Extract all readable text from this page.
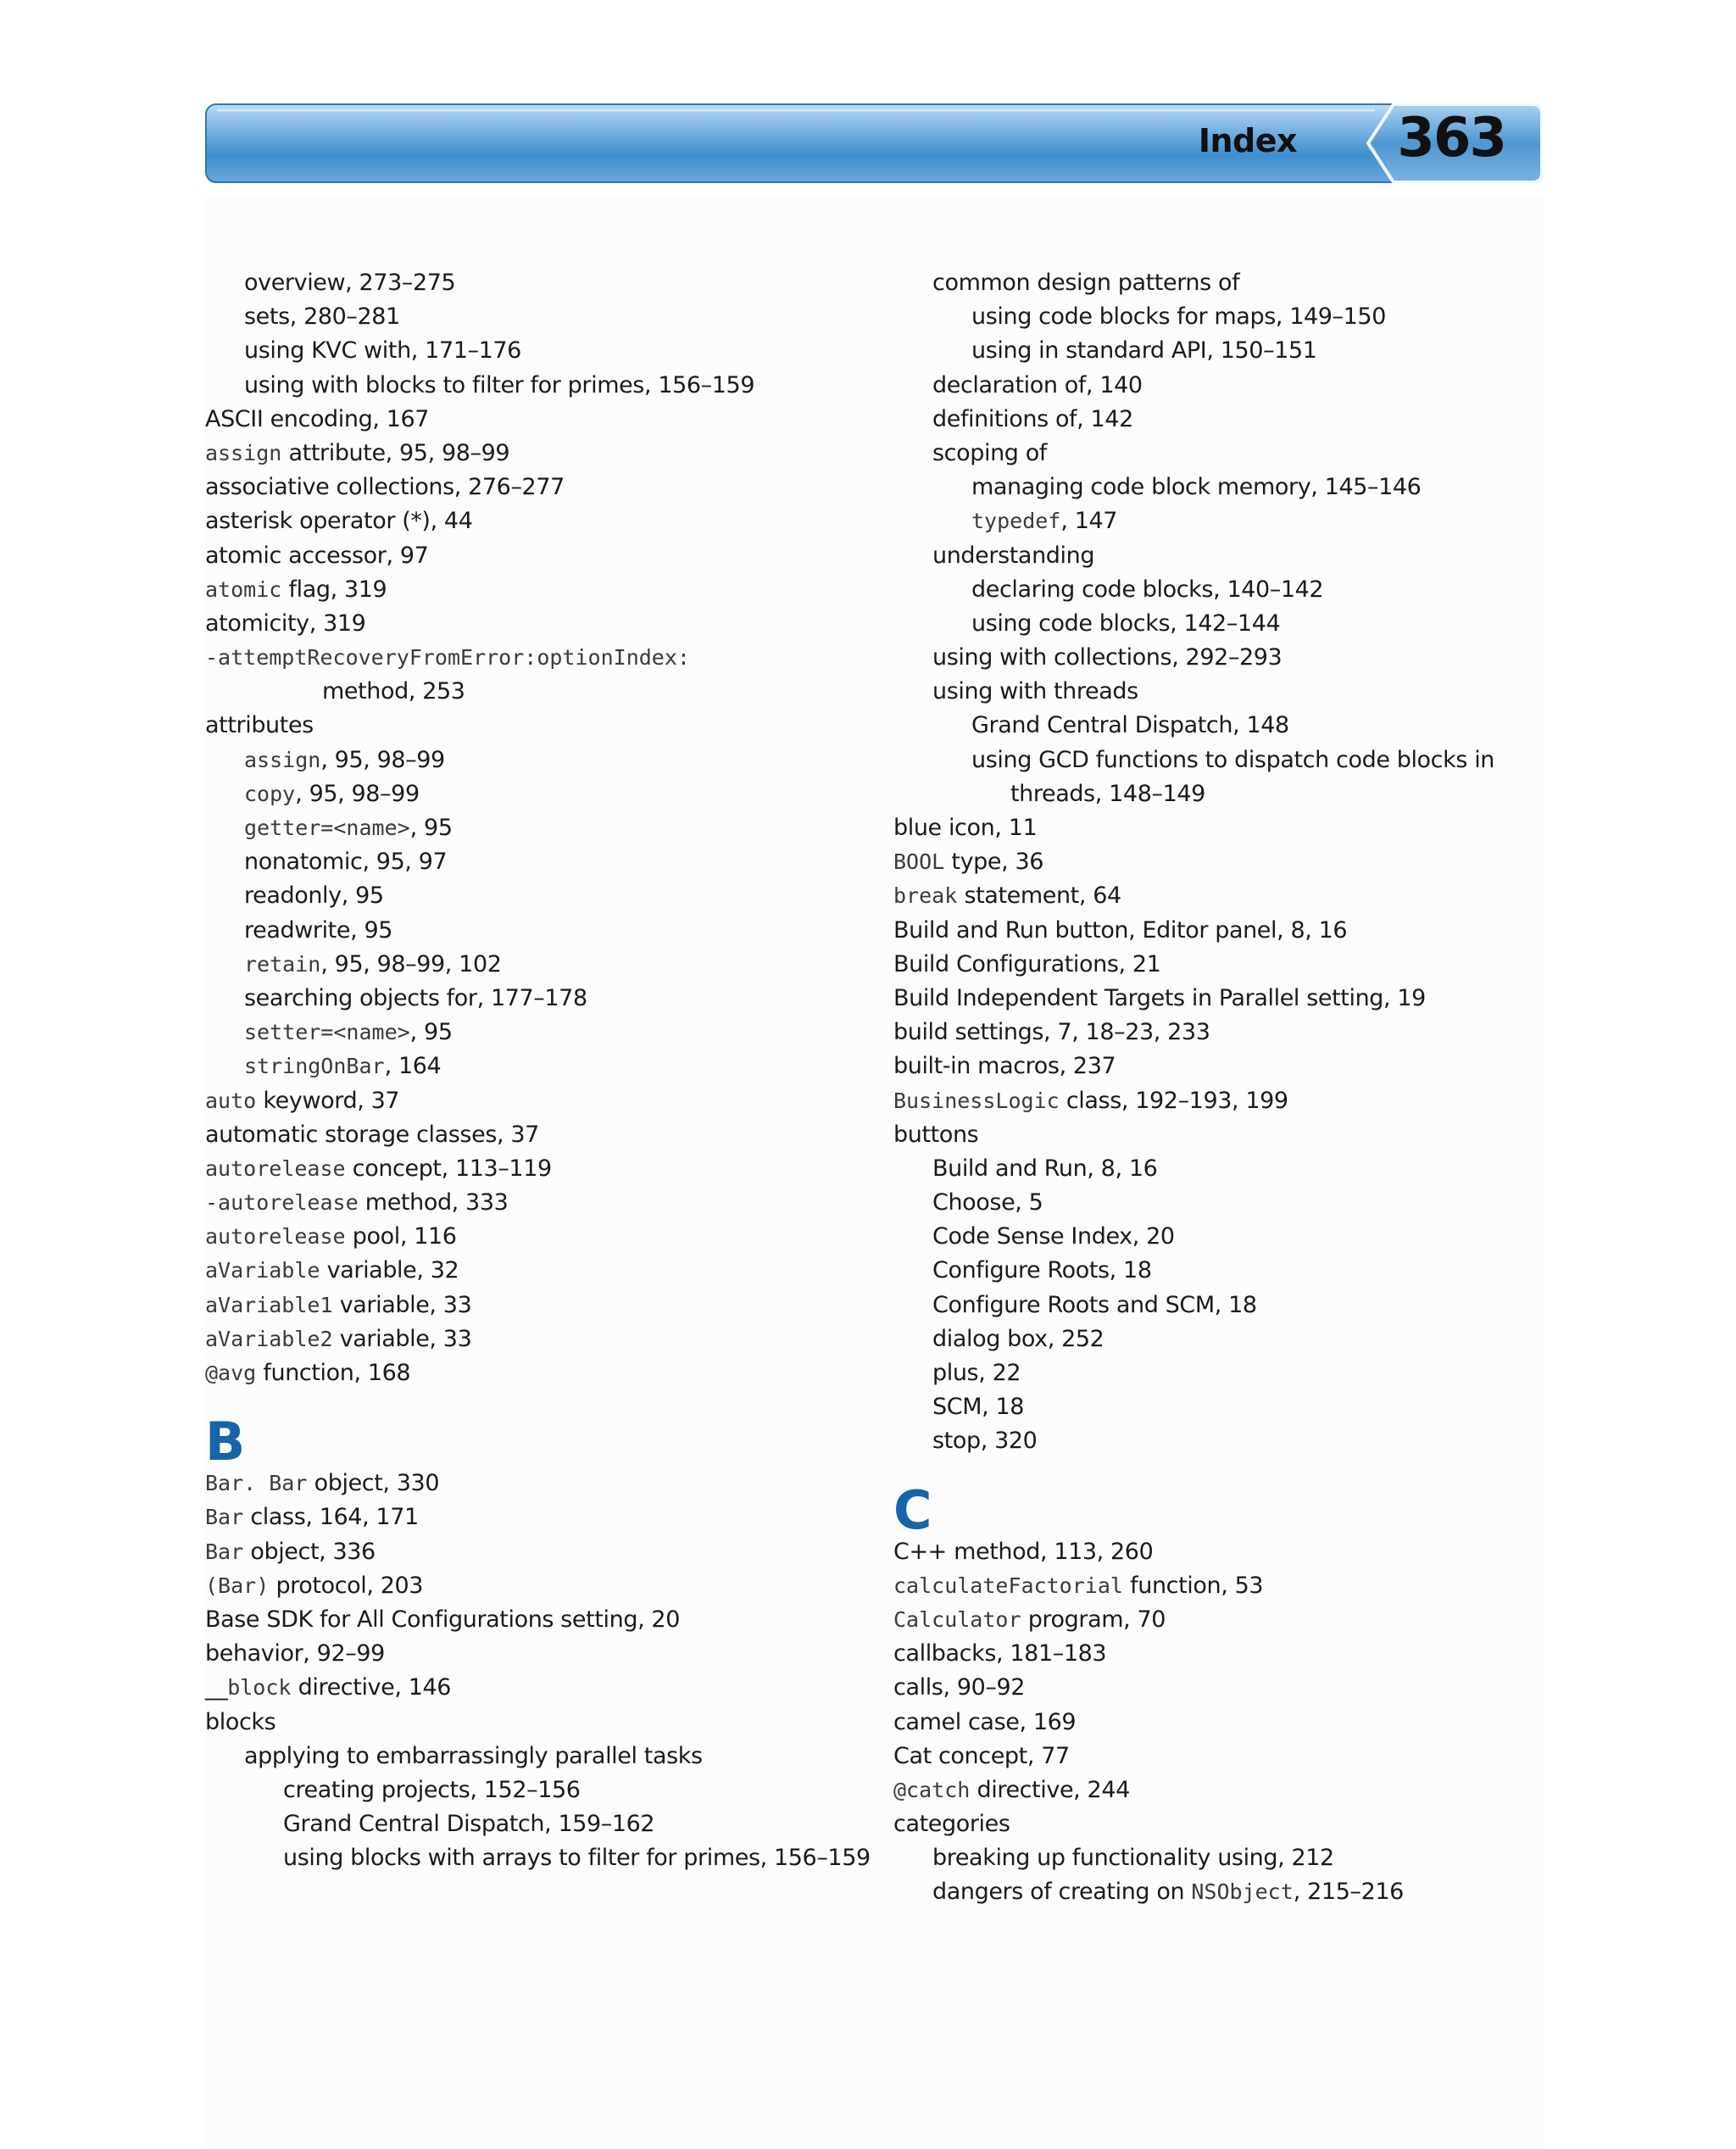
Index 363
overview, 273–275
sets, 280–281
using KVC with, 171–176
using with blocks to filter for primes, 156–159
ASCII encoding, 167
assign attribute, 95, 98–99
associative collections, 276–277
asterisk operator (*), 44
atomic accessor, 97
atomic flag, 319
atomicity, 319
-attemptRecoveryFromError:optionIndex:
method, 253
attributes
assign, 95, 98–99
copy, 95, 98–99
getter=<name>, 95
nonatomic, 95, 97
readonly, 95
readwrite, 95
retain, 95, 98–99, 102
searching objects for, 177–178
setter=<name>, 95
stringOnBar, 164
auto keyword, 37
automatic storage classes, 37
autorelease concept, 113–119
-autorelease method, 333
autorelease pool, 116
aVariable variable, 32
aVariable1 variable, 33
aVariable2 variable, 33
@avg function, 168
B
Bar. Bar object, 330
Bar class, 164, 171
Bar object, 336
(Bar) protocol, 203
Base SDK for All Configurations setting, 20
behavior, 92–99
__block directive, 146
blocks
applying to embarrassingly parallel tasks
creating projects, 152–156
Grand Central Dispatch, 159–162
using blocks with arrays to filter for primes, 156–159
common design patterns of
using code blocks for maps, 149–150
using in standard API, 150–151
declaration of, 140
definitions of, 142
scoping of
managing code block memory, 145–146
typedef, 147
understanding
declaring code blocks, 140–142
using code blocks, 142–144
using with collections, 292–293
using with threads
Grand Central Dispatch, 148
using GCD functions to dispatch code blocks in
threads, 148–149
blue icon, 11
BOOL type, 36
break statement, 64
Build and Run button, Editor panel, 8, 16
Build Configurations, 21
Build Independent Targets in Parallel setting, 19
build settings, 7, 18–23, 233
built-in macros, 237
BusinessLogic class, 192–193, 199
buttons
Build and Run, 8, 16
Choose, 5
Code Sense Index, 20
Configure Roots, 18
Configure Roots and SCM, 18
dialog box, 252
plus, 22
SCM, 18
stop, 320
C
C++ method, 113, 260
calculateFactorial function, 53
Calculator program, 70
callbacks, 181–183
calls, 90–92
camel case, 169
Cat concept, 77
@catch directive, 244
categories
breaking up functionality using, 212
dangers of creating on NSObject, 215–216
